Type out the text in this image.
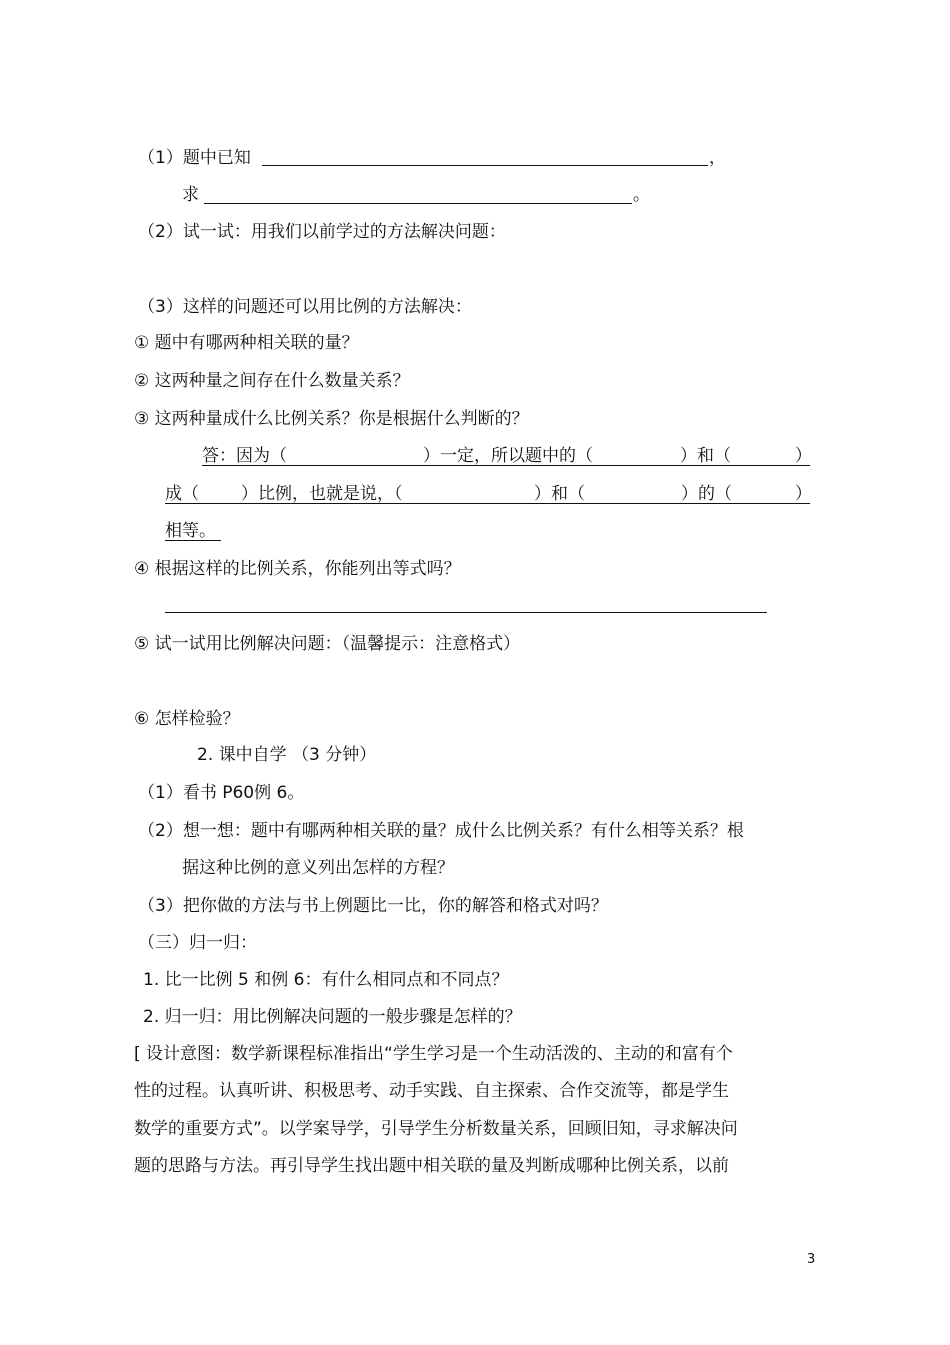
（1）题中已知	，
求	。
（2）试一试：用我们以前学过的方法解决问题：
（3）这样的问题还可以用比例的方法解决：
① 题中有哪两种相关联的量？
② 这两种量之间存在什么数量关系？
③ 这两种量成什么比例关系？你是根据什么判断的？
答：因为（	）一定，所以题中的（	）和（	）
成（ ）比例，也就是说，（	）和（	）的（	）
相等。
④ 根据这样的比例关系，你能列出等式吗？
⑤ 试一试用比例解决问题：（温馨提示：注意格式）
⑥ 怎样检验？
2. 课中自学 （3 分钟）
（1）看书 P60例 6。
（2）想一想：题中有哪两种相关联的量？成什么比例关系？有什么相等关系？根
据这种比例的意义列出怎样的方程？
（3）把你做的方法与书上例题比一比，你的解答和格式对吗？
（三）归一归：
1. 比一比例 5 和例 6：有什么相同点和不同点？
2. 归一归：用比例解决问题的一般步骤是怎样的？
[ 设计意图：数学新课程标准指出“学生学习是一个生动活泼的、主动的和富有个
性的过程。认真听讲、积极思考、动手实践、自主探索、合作交流等，都是学生
数学的重要方式”。以学案导学，引导学生分析数量关系，回顾旧知，寻求解决问
题的思路与方法。再引导学生找出题中相关联的量及判断成哪种比例关系，以前
3
